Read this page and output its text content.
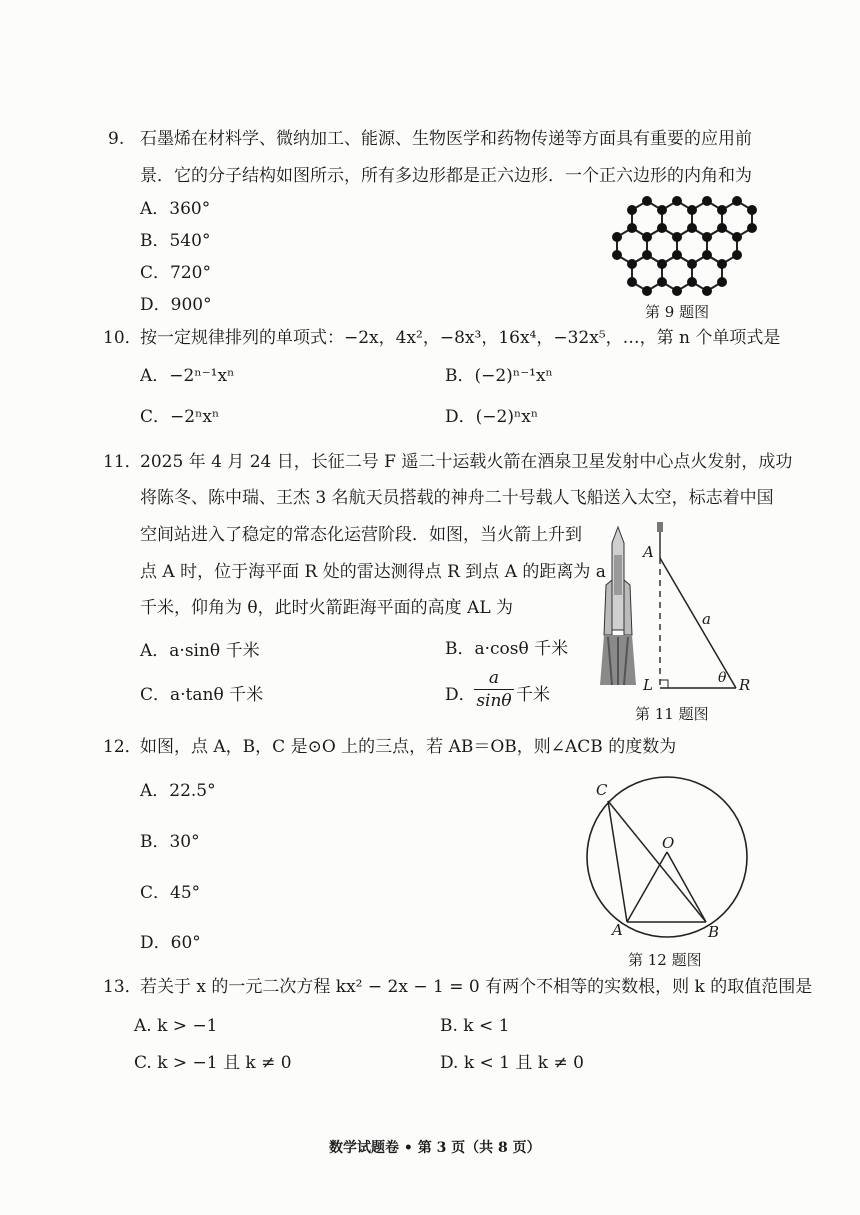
9. 石墨烯在材料学、微纳加工、能源、生物医学和药物传递等方面具有重要的应用前
景．它的分子结构如图所示，所有多边形都是正六边形．一个正六边形的内角和为
A．360°
B．540°
C．720°
D．900°	第 9 题图
10．
按一定规律排列的单项式：−2x，4x²，−8x³，16x⁴，−32x⁵，…，第 n 个单项式是
A．−2ⁿ⁻¹xⁿ	B．(−2)ⁿ⁻¹xⁿ
C．−2ⁿxⁿ	D．(−2)ⁿxⁿ
11．
2025 年 4 月 24 日，长征二号 F 遥二十运载火箭在酒泉卫星发射中心点火发射，成功
将陈冬、陈中瑞、王杰 3 名航天员搭载的神舟二十号载人飞船送入太空，标志着中国
空间站进入了稳定的常态化运营阶段．如图，当火箭上升到
点 A 时，位于海平面 R 处的雷达测得点 R 到点 A 的距离为 a
千米，仰角为 θ，此时火箭距海平面的高度 AL 为
A．a·sinθ 千米	B．a·cosθ 千米
C．a·tanθ 千米	D．
a
sinθ 千米
A
a
L	θ R
第 11 题图
12．
如图，点 A，B，C 是⊙O 上的三点，若 AB＝OB，则∠ACB 的度数为
A．22.5°
B．30°
C．45°
D．60°
C
O
A	B
第 12 题图
13．
若关于 x 的一元二次方程 kx² − 2x − 1 = 0 有两个不相等的实数根，则 k 的取值范围是
A. k > −1	B. k < 1
C. k > −1 且 k ≠ 0	D. k < 1 且 k ≠ 0
数学试题卷 • 第 3 页（共 8 页）
